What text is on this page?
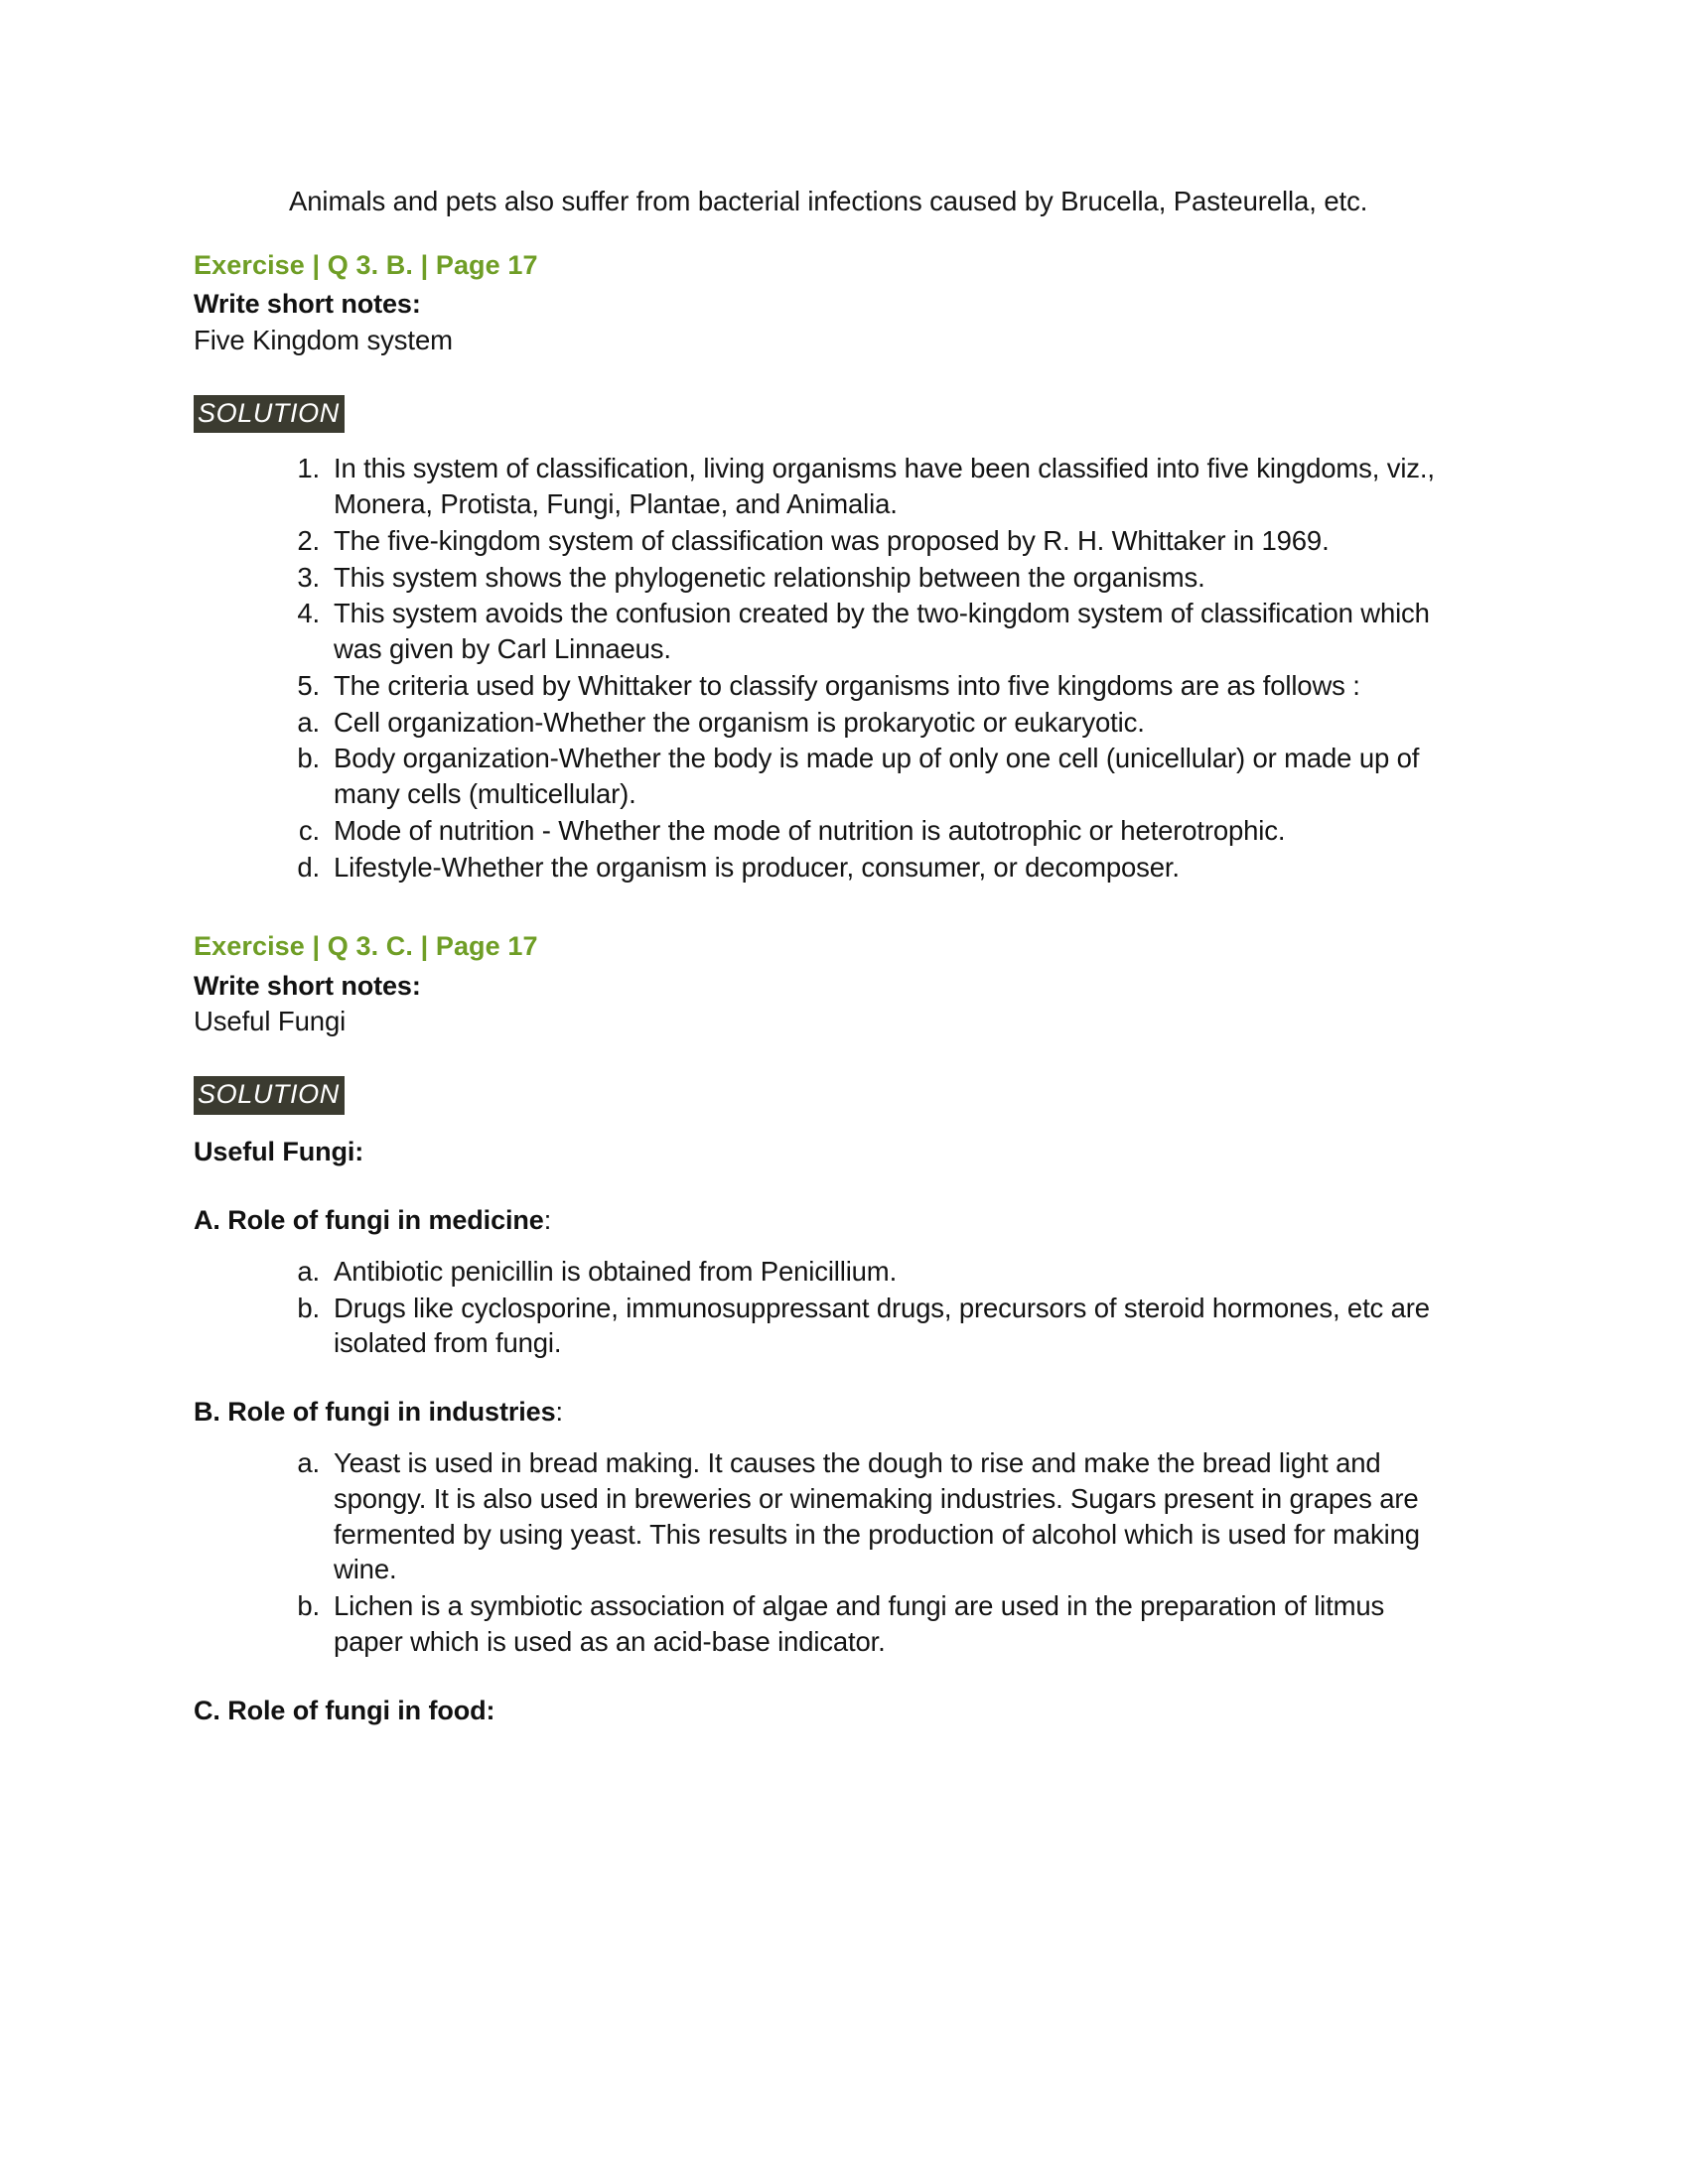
Animals and pets also suffer from bacterial infections caused by Brucella, Pasteurella, etc.

Exercise | Q 3. B. | Page 17
Write short notes:
Five Kingdom system
SOLUTION
1. In this system of classification, living organisms have been classified into five kingdoms, viz., Monera, Protista, Fungi, Plantae, and Animalia.
2. The five-kingdom system of classification was proposed by R. H. Whittaker in 1969.
3. This system shows the phylogenetic relationship between the organisms.
4. This system avoids the confusion created by the two-kingdom system of classification which was given by Carl Linnaeus.
5. The criteria used by Whittaker to classify organisms into five kingdoms are as follows :
a. Cell organization-Whether the organism is prokaryotic or eukaryotic.
b. Body organization-Whether the body is made up of only one cell (unicellular) or made up of many cells (multicellular).
c. Mode of nutrition - Whether the mode of nutrition is autotrophic or heterotrophic.
d. Lifestyle-Whether the organism is producer, consumer, or decomposer.
Exercise | Q 3. C. | Page 17
Write short notes:
Useful Fungi
SOLUTION
Useful Fungi:
A. Role of fungi in medicine:
a. Antibiotic penicillin is obtained from Penicillium.
b. Drugs like cyclosporine, immunosuppressant drugs, precursors of steroid hormones, etc are isolated from fungi.
B. Role of fungi in industries:
a. Yeast is used in bread making. It causes the dough to rise and make the bread light and spongy. It is also used in breweries or winemaking industries. Sugars present in grapes are fermented by using yeast. This results in the production of alcohol which is used for making wine.
b. Lichen is a symbiotic association of algae and fungi are used in the preparation of litmus paper which is used as an acid-base indicator.
C. Role of fungi in food:
